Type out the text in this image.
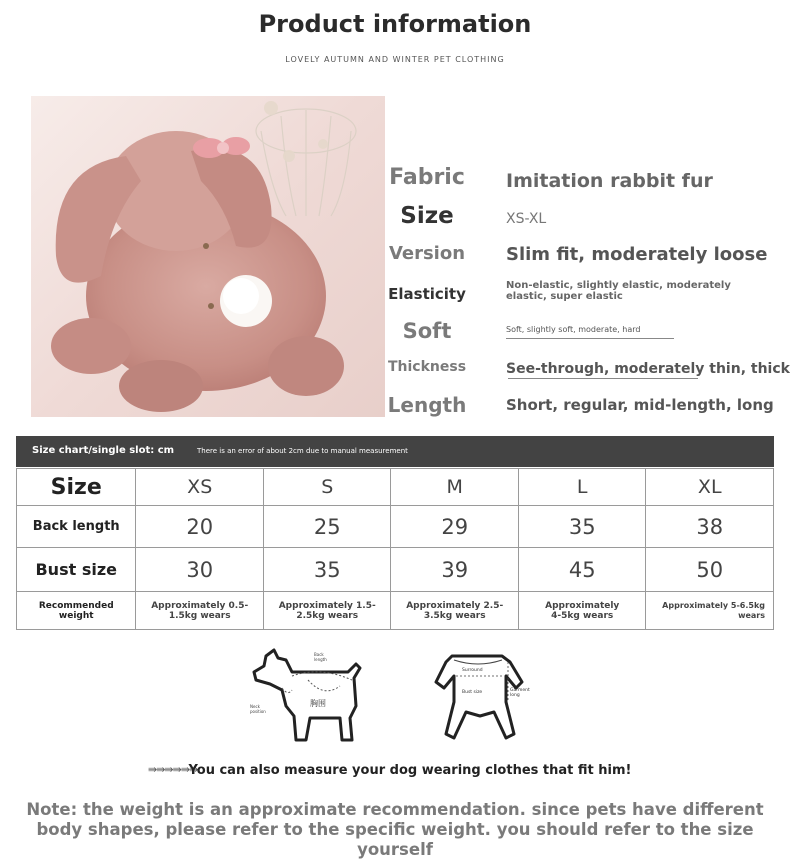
Product information
LOVELY AUTUMN AND WINTER PET CLOTHING
Fabric	Imitation rabbit fur
Size	XS-XL
Version	Slim fit, moderately loose
Elasticity	Non-elastic, slightly elastic, moderately elastic, super elastic
Soft	Soft, slightly soft, moderate, hard
Thickness	See-through, moderately thin, thick
Length	Short, regular, mid-length, long
Size chart/single slot: cm	There is an error of about 2cm due to manual measurement
Size	XS	S	M	L	XL
Back length	20	25	29	35	38
Bust size	30	35	39	45	50
Recommended weight	Approximately 0.5-1.5kg wears	Approximately 1.5-2.5kg wears	Approximately 2.5-3.5kg wears	Approximately 4-5kg wears	Approximately 5-6.5kg wears
Back length
胸围
Neck position
Surround
Bust size	Garment long
⇛⇛⇛⇛⇛⇛
You can also measure your dog wearing clothes that fit him!
Note: the weight is an approximate recommendation. since pets have different body shapes, please refer to the specific weight. you should refer to the size yourself
